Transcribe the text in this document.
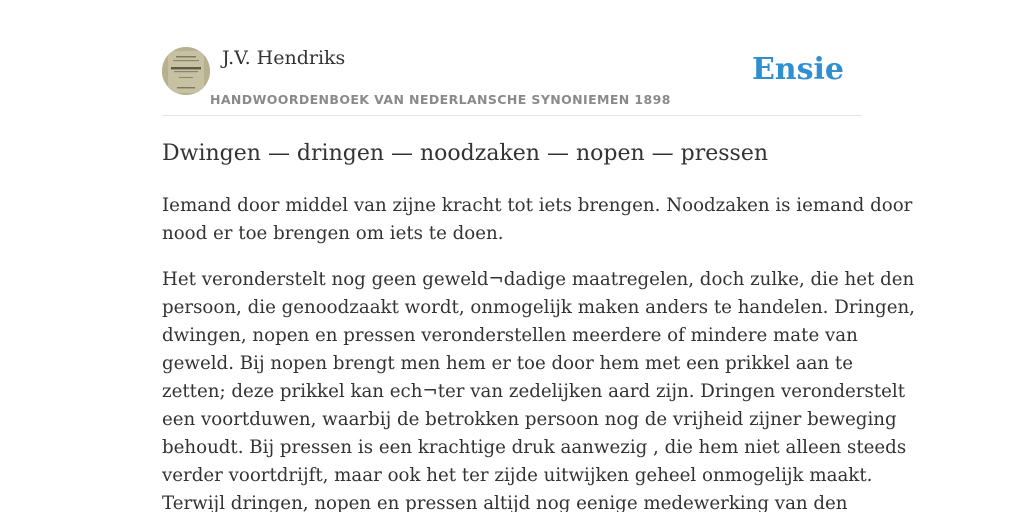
J.V. Hendriks
HANDWOORDENBOEK VAN NEDERLANSCHE SYNONIEMEN 1898
Ensie
Dwingen — dringen — noodzaken — nopen — pressen

Iemand door middel van zijne kracht tot iets brengen. Noodzaken is iemand door
nood er toe brengen om iets te doen.

Het veronderstelt nog geen geweld¬dadige maatregelen, doch zulke, die het den
persoon, die genoodzaakt wordt, onmogelijk maken anders te handelen. Dringen,
dwingen, nopen en pressen veronderstellen meerdere of mindere mate van
geweld. Bij nopen brengt men hem er toe door hem met een prikkel aan te
zetten; deze prikkel kan ech¬ter van zedelijken aard zijn. Dringen veronderstelt
een voortduwen, waarbij de betrokken persoon nog de vrijheid zijner beweging
behoudt. Bij pressen is een krachtige druk aanwezig , die hem niet alleen steeds
verder voortdrijft, maar ook het ter zijde uitwijken geheel onmogelijk maakt.
Terwijl dringen, nopen en pressen altijd nog eenige medewerking van den
